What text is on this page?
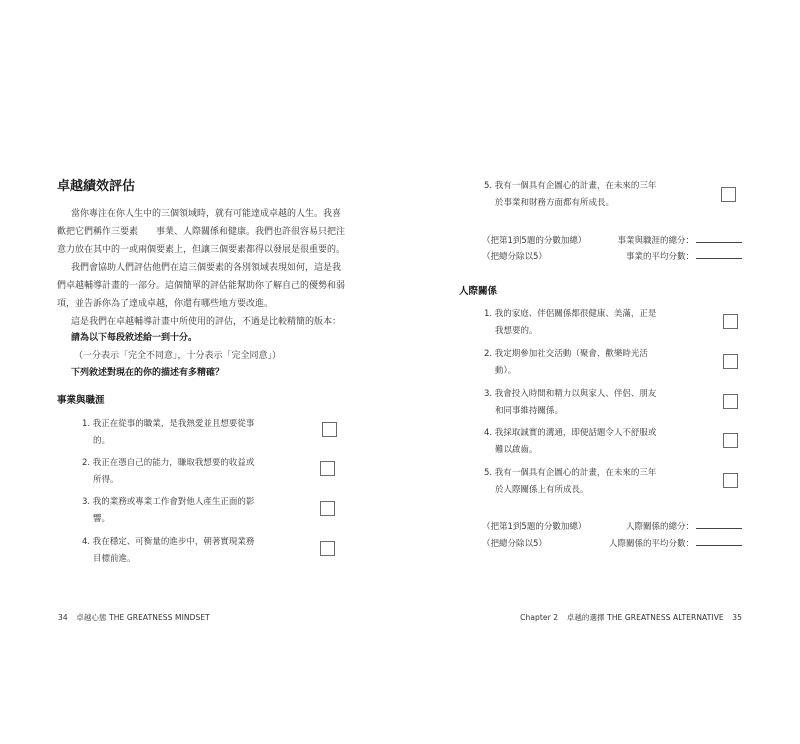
卓越績效評估
當你專注在你人生中的三個領域時，就有可能達成卓越的人生。我喜
歡把它們稱作三要素　　事業、人際關係和健康。我們也許很容易只把注
意力放在其中的一或兩個要素上，但讓三個要素都得以發展是很重要的。
我們會協助人們評估他們在這三個要素的各別領域表現如何，這是我
們卓越輔導計畫的一部分。這個簡單的評估能幫助你了解自己的優勢和弱
項，並告訴你為了達成卓越，你還有哪些地方要改進。
這是我們在卓越輔導計畫中所使用的評估，不過是比較精簡的版本：
請為以下每段敘述給一到十分。
（一分表示「完全不同意」，十分表示「完全同意」）
下列敘述對現在的你的描述有多精確？
事業與職涯
1. 我正在從事的職業，是我熱愛並且想要從事
的。
2. 我正在憑自己的能力，賺取我想要的收益或
所得。
3. 我的業務或專業工作會對他人產生正面的影
響。
4. 我在穩定、可衡量的進步中，朝著實現業務
目標前進。
34 卓越心態 THE GREATNESS MINDSET
5. 我有一個具有企圖心的計畫，在未來的三年
於事業和財務方面都有所成長。
（把第1到5題的分數加總）	事業與職涯的總分：
（把總分除以5）	事業的平均分數：
人際關係
1. 我的家庭、伴侶關係都很健康、美滿，正是
我想要的。
2. 我定期參加社交活動（聚會、歡樂時光活
動）。
3. 我會投入時間和精力以與家人、伴侶、朋友
和同事維持關係。
4. 我採取誠實的溝通，即便話題令人不舒服或
難以啟齒。
5. 我有一個具有企圖心的計畫，在未來的三年
於人際關係上有所成長。
（把第1到5題的分數加總）	人際關係的總分：
（把總分除以5）	人際關係的平均分數：
Chapter 2 卓越的選擇 THE GREATNESS ALTERNATIVE 35
